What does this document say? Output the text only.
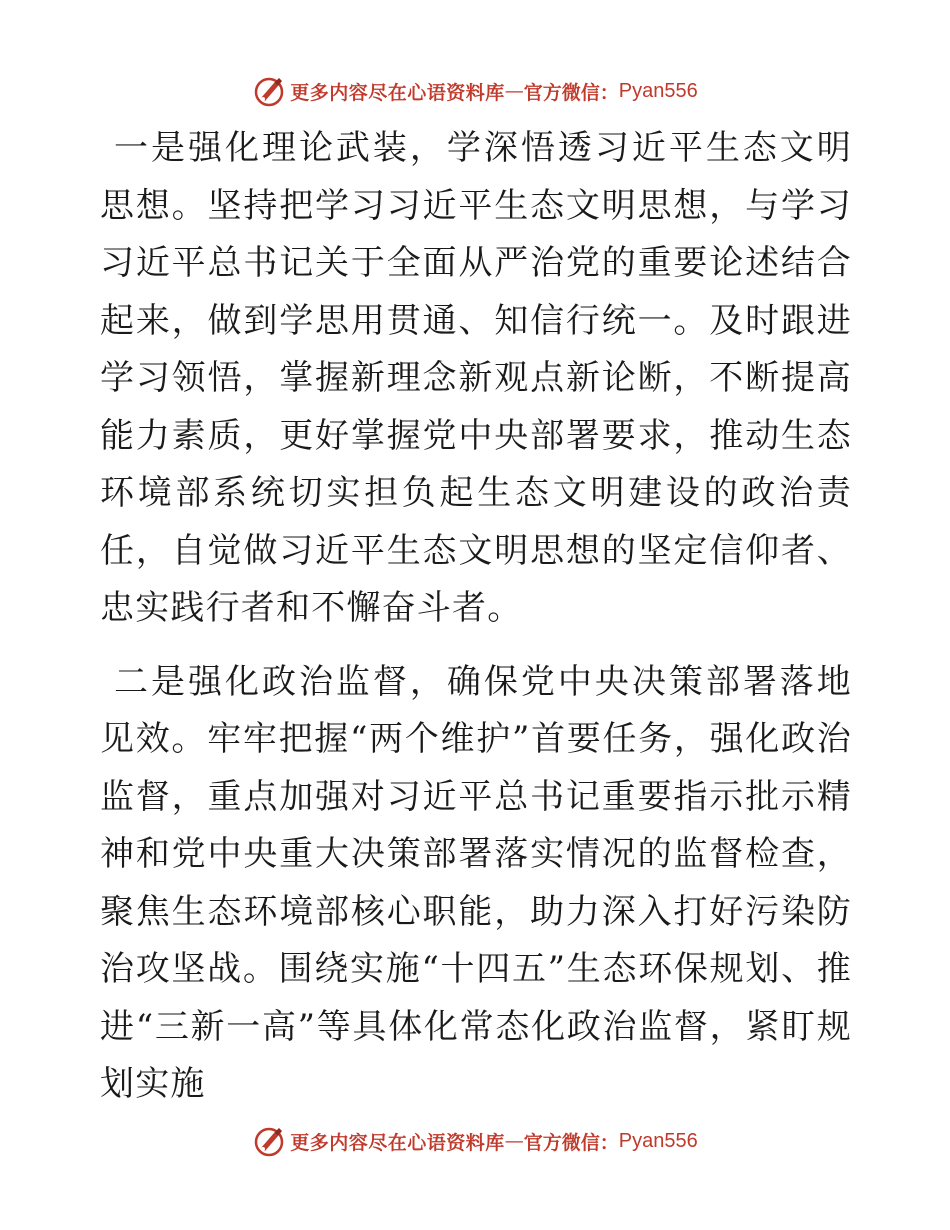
更多内容尽在心语资料库 — 官方微信： Pyan556

一是强化理论武装，学深悟透习近平生态文明思想。坚持把学习习近平生态文明思想，与学习习近平总书记关于全面从严治党的重要论述结合起来，做到学思用贯通、知信行统一。及时跟进学习领悟，掌握新理念新观点新论断，不断提高能力素质，更好掌握党中央部署要求，推动生态环境部系统切实担负起生态文明建设的政治责任，自觉做习近平生态文明思想的坚定信仰者、忠实践行者和不懈奋斗者。

二是强化政治监督，确保党中央决策部署落地见效。牢牢把握“两个维护”首要任务，强化政治监督，重点加强对习近平总书记重要指示批示精神和党中央重大决策部署落实情况的监督检查，聚焦生态环境部核心职能，助力深入打好污染防治攻坚战。围绕实施“十四五”生态环保规划、推进“三新一高”等具体化常态化政治监督，紧盯规划实施

更多内容尽在心语资料库 — 官方微信： Pyan556
